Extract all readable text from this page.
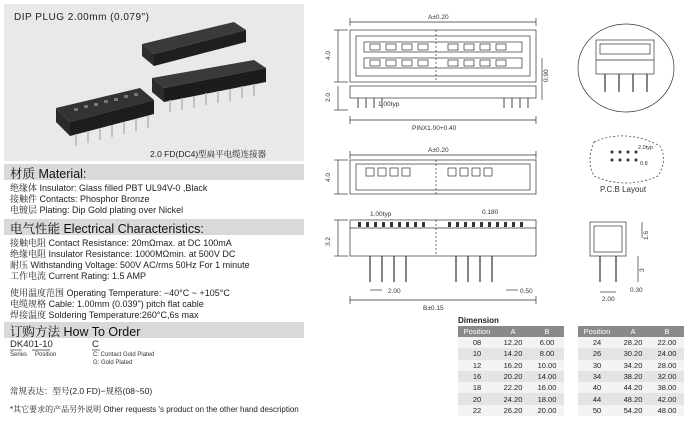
DIP PLUG 2.00mm (0.079")
2.0 FD(DC4)型扁平电缆连接器
材质 Material:
绝缘体 Insulator: Glass filled PBT UL94V-0 ,Black
接触件 Contacts: Phosphor Bronze
电镀层 Plating: Dip Gold plating over Nickel
电气性能 Electrical Characteristics:
接触电阻 Contact Resistance: 20mΩmax. at DC 100mA
绝缘电阻 Insulator Resistance: 1000MΩmin. at 500V DC
耐压 Withstanding Voltage: 500V AC/rms 50Hz For 1 minute
工作电流 Current Rating: 1.5 AMP
使用温度范围 Operating Temperature: −40°C ~ +105°C
电缆规格 Cable: 1.00mm (0.039") pitch flat cable
焊接温度 Soldering Temperature:260°C,6s max
订购方法 How To Order
DK401-10	C
Series Position	C: Contact Gold Plated
G: Gold Plated
常规表达：型号(2.0 FD)−规格(08~50)
*其它要求的产品另外说明 Other requests 's product on the other hand description
A±0.20
4.0
0.90
2.0
1.00typ
PINX1.00+0.40
A±0.20
4.0
1.00typ	0.180
3.2
2.00	0.50
B±0.15
1.6
3
0.30
2.00
2.0typ
0.8
P.C.B Layout
Dimension
Position	A	B
08	12.20	6.00
10	14.20	8.00
12	16.20	10.00
16	20.20	14.00
18	22.20	16.00
20	24.20	18.00
22	26.20	20.00
Position	A	B
24	28.20	22.00
26	30.20	24.00
30	34.20	28.00
34	38.20	32.00
40	44.20	38.00
44	48.20	42.00
50	54.20	48.00
